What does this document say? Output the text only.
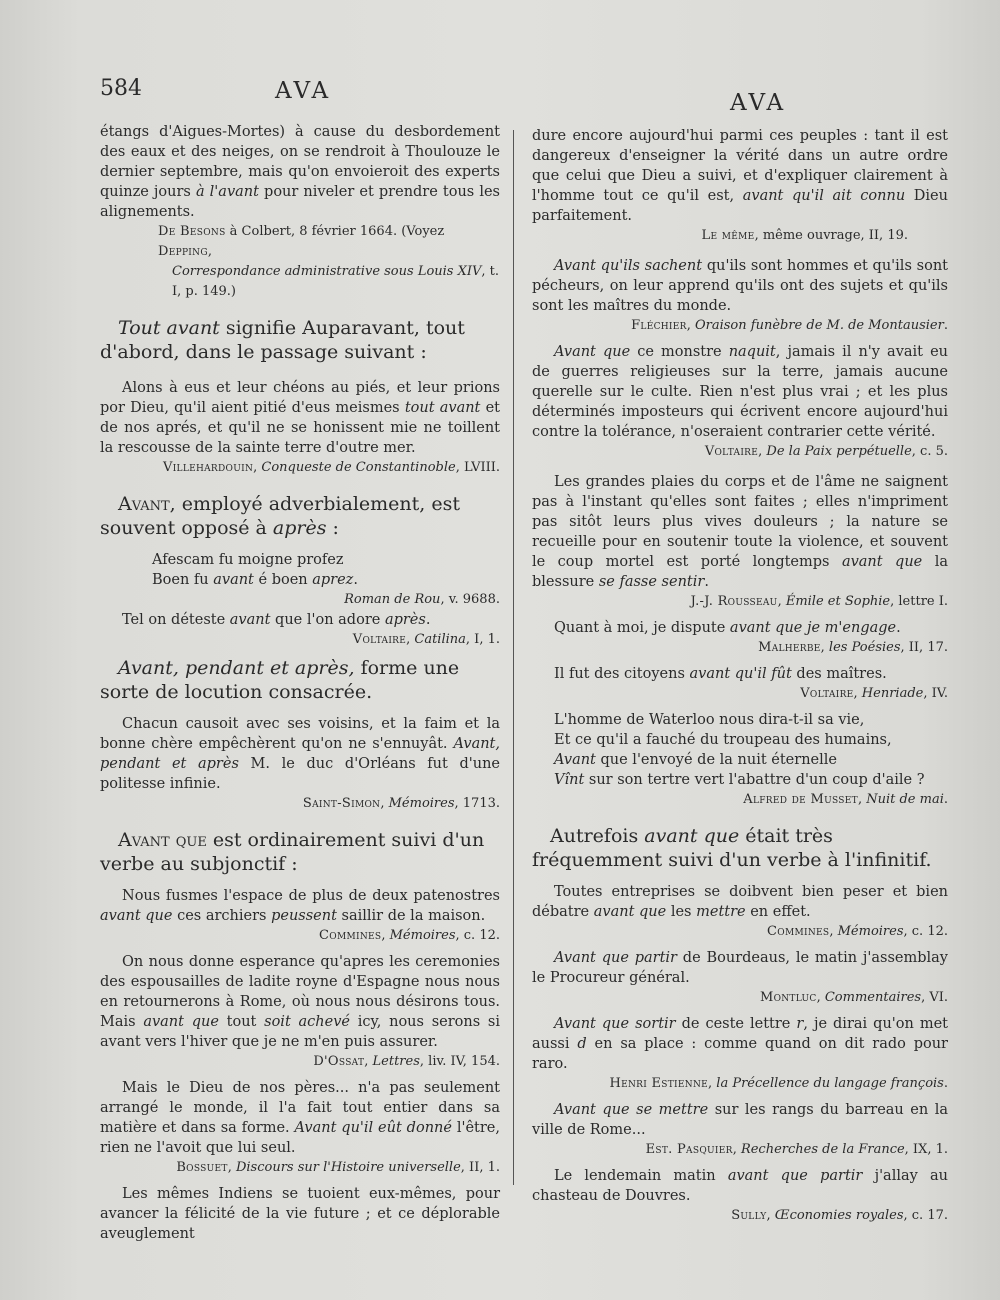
584	AVA	AVA

étangs d'Aigues-Mortes) à cause du desbordement des eaux et des neiges, on se rendroit à Thoulouze le dernier septembre, mais qu'on envoieroit des experts quinze jours à l'avant pour niveler et prendre tous les alignements.

De Besons à Colbert, 8 février 1664. (Voyez Depping,
Correspondance administrative sous Louis XIV, t. I, p. 149.)

Tout avant signifie Auparavant, tout d'abord, dans le passage suivant :

Alons à eus et leur chéons au piés, et leur prions por Dieu, qu'il aient pitié d'eus meismes tout avant et de nos aprés, et qu'il ne se honissent mie ne toillent la rescousse de la sainte terre d'outre mer.

Villehardouin, Conqueste de Constantinoble, LVIII.

Avant, employé adverbialement, est souvent opposé à après :

Afescam fu moigne profez
Boen fu avant é boen aprez.

Roman de Rou, v. 9688.

Tel on déteste avant que l'on adore après.

Voltaire, Catilina, I, 1.

Avant, pendant et après, forme une sorte de locution consacrée.

Chacun causoit avec ses voisins, et la faim et la bonne chère empêchèrent qu'on ne s'ennuyât. Avant, pendant et après M. le duc d'Orléans fut d'une politesse infinie.

Saint-Simon, Mémoires, 1713.

Avant que est ordinairement suivi d'un verbe au subjonctif :

Nous fusmes l'espace de plus de deux patenostres avant que ces archiers peussent saillir de la maison.

Commines, Mémoires, c. 12.

On nous donne esperance qu'apres les ceremonies des espousailles de ladite royne d'Espagne nous nous en retournerons à Rome, où nous nous désirons tous. Mais avant que tout soit achevé icy, nous serons si avant vers l'hiver que je ne m'en puis assurer.

D'Ossat, Lettres, liv. IV, 154.

Mais le Dieu de nos pères... n'a pas seulement arrangé le monde, il l'a fait tout entier dans sa matière et dans sa forme. Avant qu'il eût donné l'être, rien ne l'avoit que lui seul.

Bossuet, Discours sur l'Histoire universelle, II, 1.

Les mêmes Indiens se tuoient eux-mêmes, pour avancer la félicité de la vie future ; et ce déplorable aveuglement

dure encore aujourd'hui parmi ces peuples : tant il est dangereux d'enseigner la vérité dans un autre ordre que celui que Dieu a suivi, et d'expliquer clairement à l'homme tout ce qu'il est, avant qu'il ait connu Dieu parfaitement.

Le même, même ouvrage, II, 19.

Avant qu'ils sachent qu'ils sont hommes et qu'ils sont pécheurs, on leur apprend qu'ils ont des sujets et qu'ils sont les maîtres du monde.

Fléchier, Oraison funèbre de M. de Montausier.

Avant que ce monstre naquit, jamais il n'y avait eu de guerres religieuses sur la terre, jamais aucune querelle sur le culte. Rien n'est plus vrai ; et les plus déterminés imposteurs qui écrivent encore aujourd'hui contre la tolérance, n'oseraient contrarier cette vérité.

Voltaire, De la Paix perpétuelle, c. 5.

Les grandes plaies du corps et de l'âme ne saignent pas à l'instant qu'elles sont faites ; elles n'impriment pas sitôt leurs plus vives douleurs ; la nature se recueille pour en soutenir toute la violence, et souvent le coup mortel est porté longtemps avant que la blessure se fasse sentir.

J.-J. Rousseau, Émile et Sophie, lettre I.

Quant à moi, je dispute avant que je m'engage.

Malherbe, les Poésies, II, 17.

Il fut des citoyens avant qu'il fût des maîtres.

Voltaire, Henriade, IV.

L'homme de Waterloo nous dira-t-il sa vie,
Et ce qu'il a fauché du troupeau des humains,
Avant que l'envoyé de la nuit éternelle
Vînt sur son tertre vert l'abattre d'un coup d'aile ?

Alfred de Musset, Nuit de mai.

Autrefois avant que était très fréquemment suivi d'un verbe à l'infinitif.

Toutes entreprises se doibvent bien peser et bien débatre avant que les mettre en effet.

Commines, Mémoires, c. 12.

Avant que partir de Bourdeaus, le matin j'assemblay le Procureur général.

Montluc, Commentaires, VI.

Avant que sortir de ceste lettre r, je dirai qu'on met aussi d en sa place : comme quand on dit rado pour raro.

Henri Estienne, la Précellence du langage françois.

Avant que se mettre sur les rangs du barreau en la ville de Rome...

Est. Pasquier, Recherches de la France, IX, 1.

Le lendemain matin avant que partir j'allay au chasteau de Douvres.

Sully, Œconomies royales, c. 17.
